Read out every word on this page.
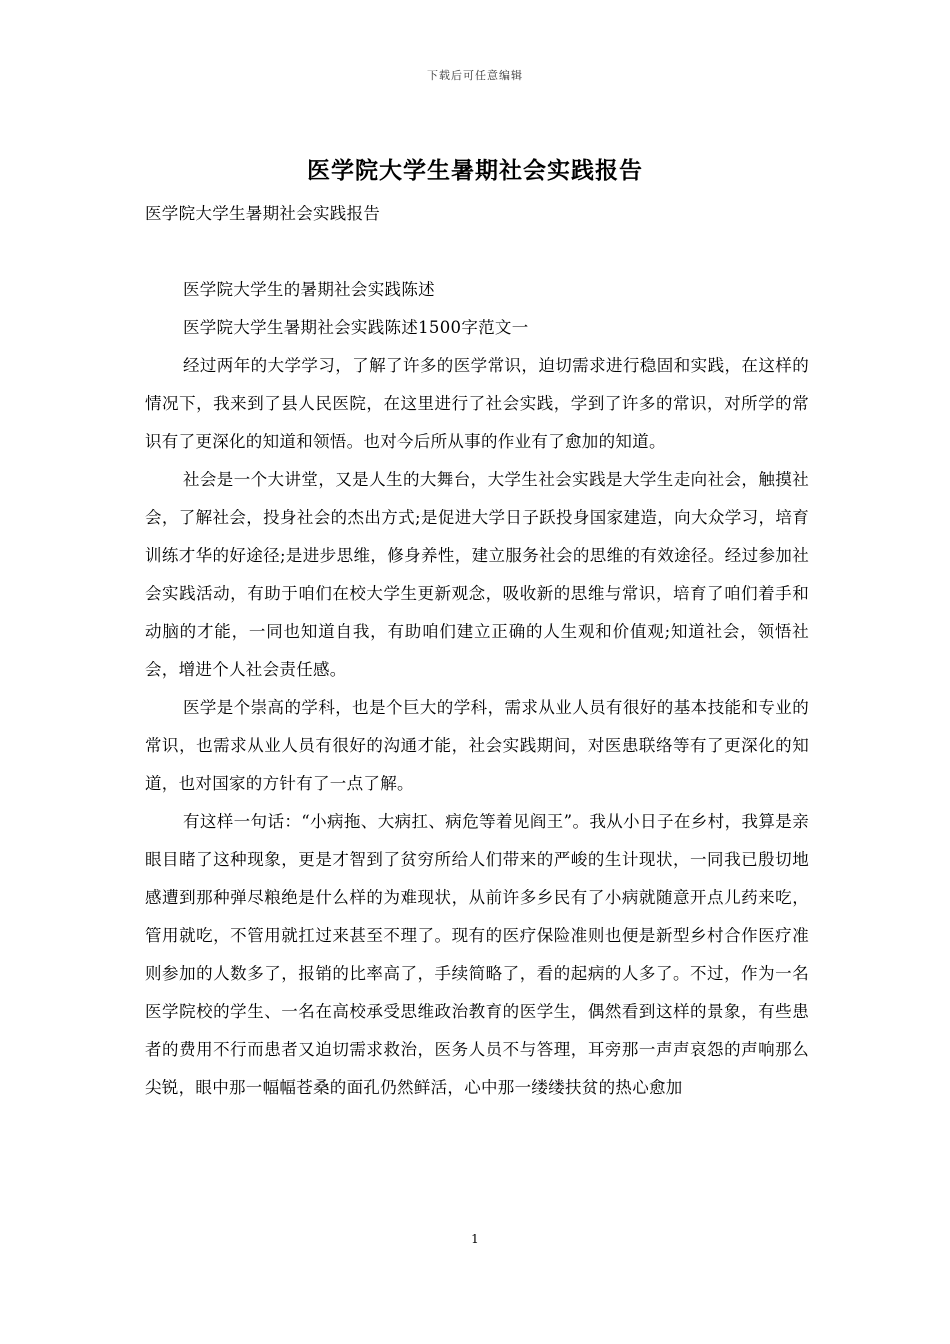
下载后可任意编辑
医学院大学生暑期社会实践报告

医学院大学生暑期社会实践报告

医学院大学生的暑期社会实践陈述

医学院大学生暑期社会实践陈述1500字范文一

经过两年的大学学习，了解了许多的医学常识，迫切需求进行稳固和实践，在这样的情况下，我来到了县人民医院，在这里进行了社会实践，学到了许多的常识，对所学的常识有了更深化的知道和领悟。也对今后所从事的作业有了愈加的知道。

社会是一个大讲堂，又是人生的大舞台，大学生社会实践是大学生走向社会，触摸社会，了解社会，投身社会的杰出方式;是促进大学日子跃投身国家建造，向大众学习，培育训练才华的好途径;是进步思维，修身养性，建立服务社会的思维的有效途径。经过参加社会实践活动，有助于咱们在校大学生更新观念，吸收新的思维与常识，培育了咱们着手和动脑的才能，一同也知道自我，有助咱们建立正确的人生观和价值观;知道社会，领悟社会，增进个人社会责任感。

医学是个崇高的学科，也是个巨大的学科，需求从业人员有很好的基本技能和专业的常识，也需求从业人员有很好的沟通才能，社会实践期间，对医患联络等有了更深化的知道，也对国家的方针有了一点了解。

有这样一句话：“小病拖、大病扛、病危等着见阎王”。我从小日子在乡村，我算是亲眼目睹了这种现象，更是才智到了贫穷所给人们带来的严峻的生计现状，一同我已殷切地感遭到那种弹尽粮绝是什么样的为难现状，从前许多乡民有了小病就随意开点儿药来吃，管用就吃，不管用就扛过来甚至不理了。现有的医疗保险准则也便是新型乡村合作医疗准则参加的人数多了，报销的比率高了，手续简略了，看的起病的人多了。不过，作为一名医学院校的学生、一名在高校承受思维政治教育的医学生，偶然看到这样的景象，有些患者的费用不行而患者又迫切需求救治，医务人员不与答理，耳旁那一声声哀怨的声响那么尖锐，眼中那一幅幅苍桑的面孔仍然鲜活，心中那一缕缕扶贫的热心愈加

1
